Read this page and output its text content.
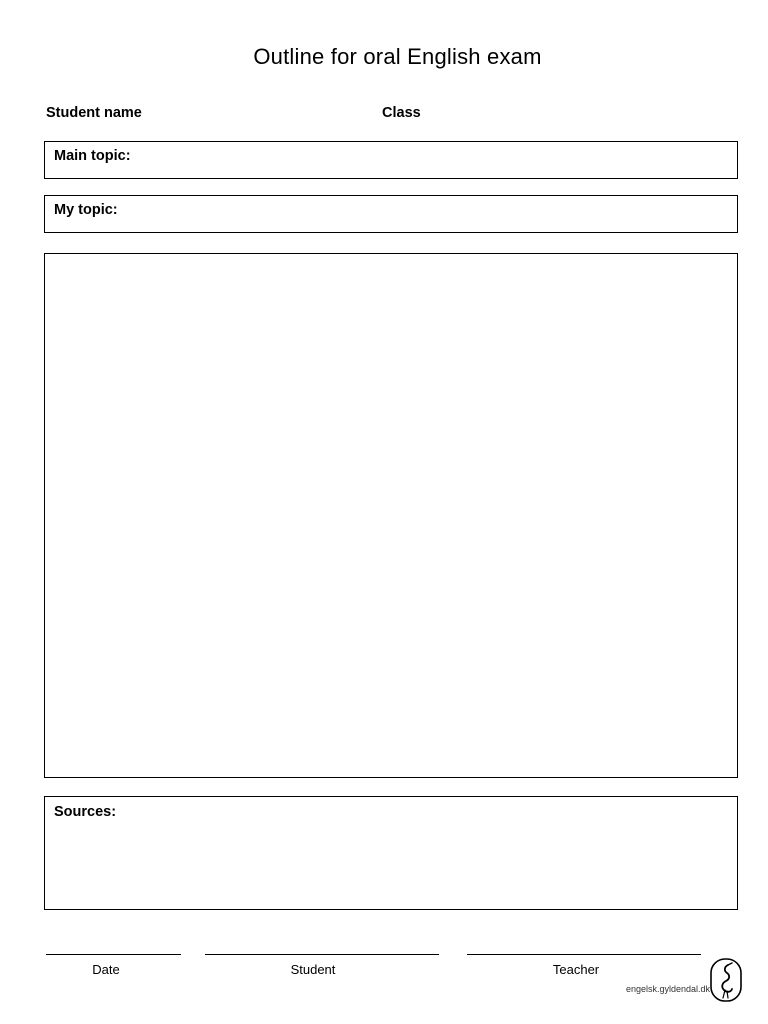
Outline for oral English exam
Student name	Class
Main topic:
My topic:
Sources:
Date	Student	Teacher
engelsk.gyldendal.dk
